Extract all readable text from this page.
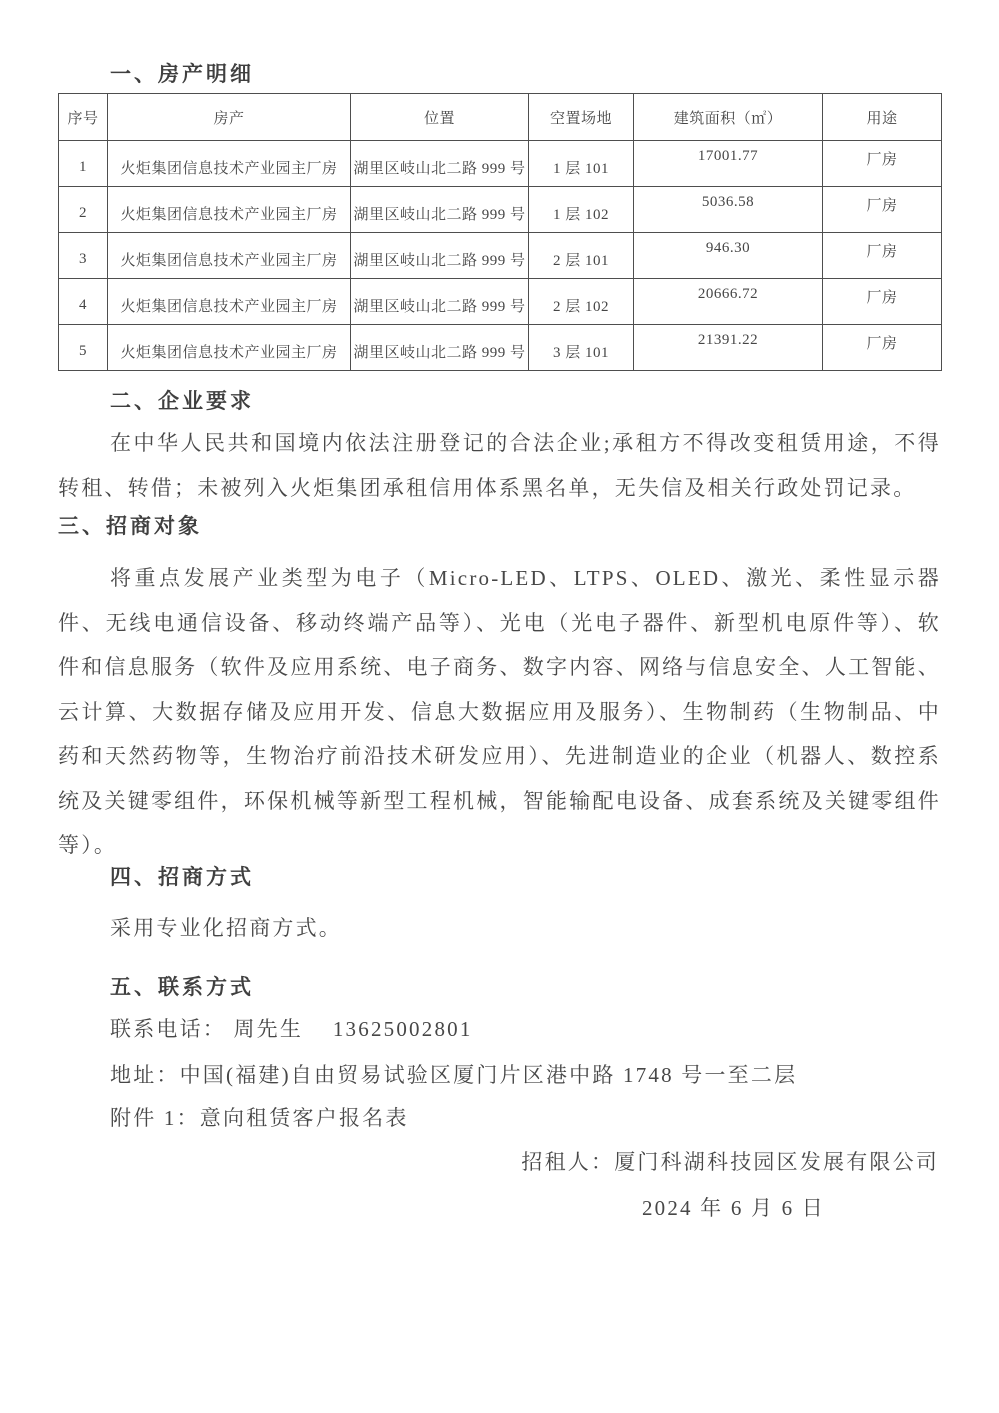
一、房产明细
序号	房产	位置	空置场地	建筑面积（㎡）	用途
1	火炬集团信息技术产业园主厂房	湖里区岐山北二路 999 号	1 层 101	17001.77	厂房
2	火炬集团信息技术产业园主厂房	湖里区岐山北二路 999 号	1 层 102	5036.58	厂房
3	火炬集团信息技术产业园主厂房	湖里区岐山北二路 999 号	2 层 101	946.30	厂房
4	火炬集团信息技术产业园主厂房	湖里区岐山北二路 999 号	2 层 102	20666.72	厂房
5	火炬集团信息技术产业园主厂房	湖里区岐山北二路 999 号	3 层 101	21391.22	厂房
二、企业要求
在中华人民共和国境内依法注册登记的合法企业;承租方不得改变租赁用途，不得转租、转借；未被列入火炬集团承租信用体系黑名单，无失信及相关行政处罚记录。
三、招商对象
将重点发展产业类型为电子（Micro-LED、LTPS、OLED、激光、柔性显示器件、无线电通信设备、移动终端产品等）、光电（光电子器件、新型机电原件等）、软件和信息服务（软件及应用系统、电子商务、数字内容、网络与信息安全、人工智能、云计算、大数据存储及应用开发、信息大数据应用及服务）、生物制药（生物制品、中药和天然药物等，生物治疗前沿技术研发应用）、先进制造业的企业（机器人、数控系统及关键零组件，环保机械等新型工程机械，智能输配电设备、成套系统及关键零组件等）。
四、招商方式
采用专业化招商方式。
五、联系方式
联系电话： 周先生    13625002801
地址：中国(福建)自由贸易试验区厦门片区港中路 1748 号一至二层
附件 1：意向租赁客户报名表
招租人：厦门科湖科技园区发展有限公司
2024 年 6 月 6 日
